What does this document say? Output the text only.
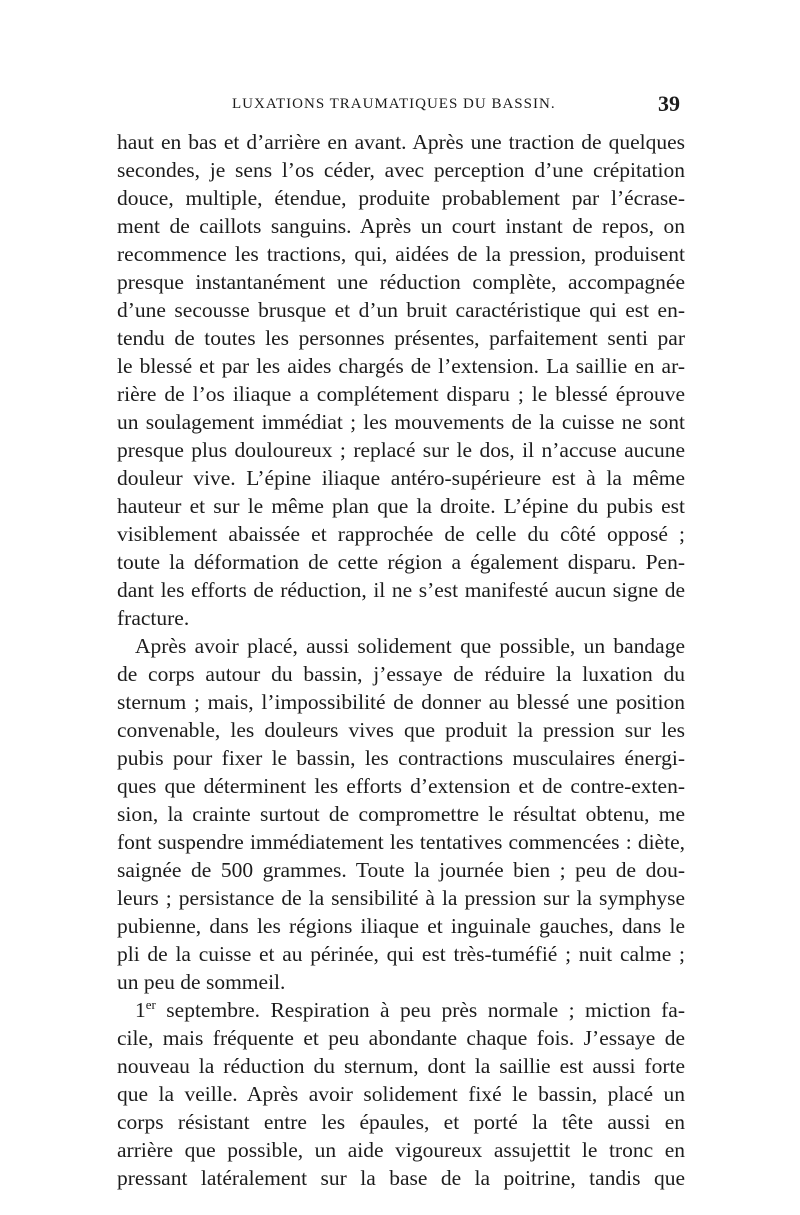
LUXATIONS TRAUMATIQUES DU BASSIN.	39
haut en bas et d’arrière en avant. Après une traction de quelques
secondes, je sens l’os céder, avec perception d’une crépitation
douce, multiple, étendue, produite probablement par l’écrase-
ment de caillots sanguins. Après un court instant de repos, on
recommence les tractions, qui, aidées de la pression, produisent
presque instantanément une réduction complète, accompagnée
d’une secousse brusque et d’un bruit caractéristique qui est en-
tendu de toutes les personnes présentes, parfaitement senti par
le blessé et par les aides chargés de l’extension. La saillie en ar-
rière de l’os iliaque a complétement disparu ; le blessé éprouve
un soulagement immédiat ; les mouvements de la cuisse ne sont
presque plus douloureux ; replacé sur le dos, il n’accuse aucune
douleur vive. L’épine iliaque antéro-supérieure est à la même
hauteur et sur le même plan que la droite. L’épine du pubis est
visiblement abaissée et rapprochée de celle du côté opposé ;
toute la déformation de cette région a également disparu. Pen-
dant les efforts de réduction, il ne s’est manifesté aucun signe de
fracture.
Après avoir placé, aussi solidement que possible, un bandage
de corps autour du bassin, j’essaye de réduire la luxation du
sternum ; mais, l’impossibilité de donner au blessé une position
convenable, les douleurs vives que produit la pression sur les
pubis pour fixer le bassin, les contractions musculaires énergi-
ques que déterminent les efforts d’extension et de contre-exten-
sion, la crainte surtout de compromettre le résultat obtenu, me
font suspendre immédiatement les tentatives commencées : diète,
saignée de 500 grammes. Toute la journée bien ; peu de dou-
leurs ; persistance de la sensibilité à la pression sur la symphyse
pubienne, dans les régions iliaque et inguinale gauches, dans le
pli de la cuisse et au périnée, qui est très-tuméfié ; nuit calme ;
un peu de sommeil.
1er septembre. Respiration à peu près normale ; miction fa-
cile, mais fréquente et peu abondante chaque fois. J’essaye de
nouveau la réduction du sternum, dont la saillie est aussi forte
que la veille. Après avoir solidement fixé le bassin, placé un
corps résistant entre les épaules, et porté la tête aussi en
arrière que possible, un aide vigoureux assujettit le tronc en
pressant latéralement sur la base de la poitrine, tandis que
